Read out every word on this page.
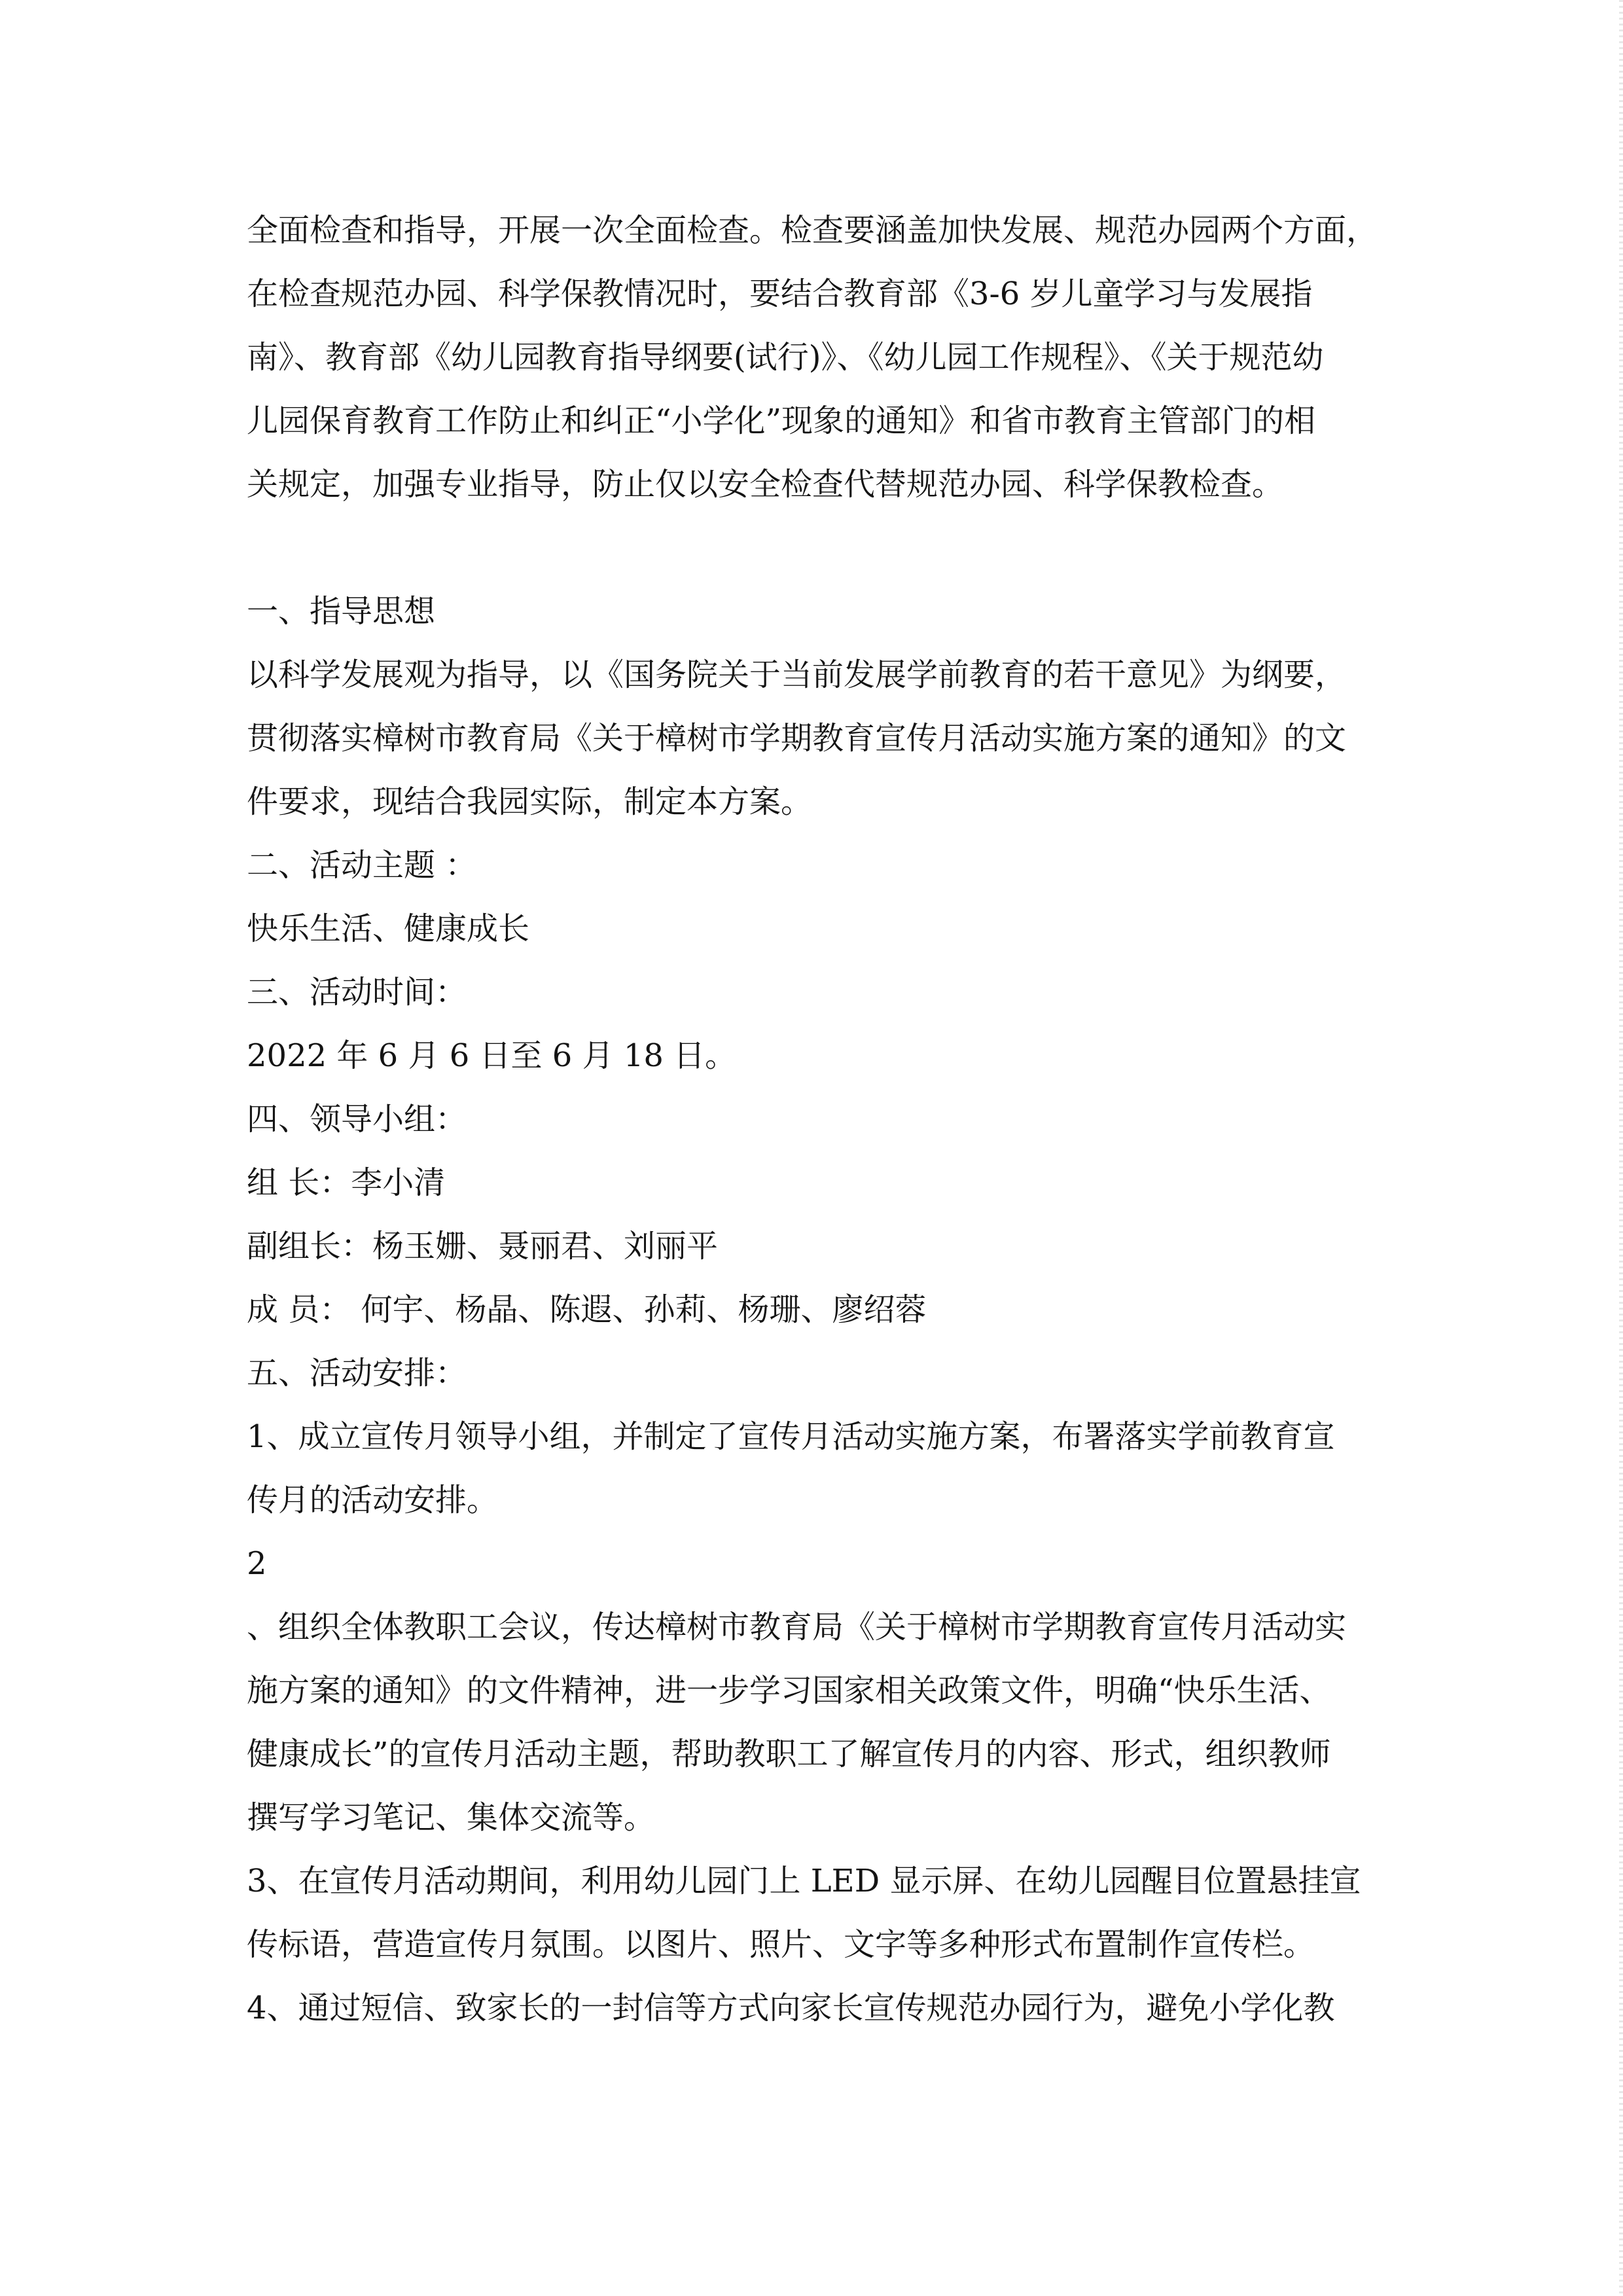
全面检查和指导，开展一次全面检查。检查要涵盖加快发展、规范办园两个方面，
在检查规范办园、科学保教情况时，要结合教育部《3-6 岁儿童学习与发展指
南》、教育部《幼儿园教育指导纲要(试行)》、《幼儿园工作规程》、《关于规范幼
儿园保育教育工作防止和纠正“小学化”现象的通知》和省市教育主管部门的相
关规定，加强专业指导，防止仅以安全检查代替规范办园、科学保教检查。
一、指导思想
以科学发展观为指导，以《国务院关于当前发展学前教育的若干意见》为纲要，
贯彻落实樟树市教育局《关于樟树市学期教育宣传月活动实施方案的通知》的文
件要求，现结合我园实际，制定本方案。
二、活动主题 ：
快乐生活、健康成长
三、活动时间：
2022 年 6 月 6 日至 6 月 18 日。
四、领导小组：
组 长：李小清
副组长：杨玉姗、聂丽君、刘丽平
成 员： 何宇、杨晶、陈遐、孙莉、杨珊、廖绍蓉
五、活动安排：
1、成立宣传月领导小组，并制定了宣传月活动实施方案，布署落实学前教育宣
传月的活动安排。
2
、组织全体教职工会议，传达樟树市教育局《关于樟树市学期教育宣传月活动实
施方案的通知》的文件精神，进一步学习国家相关政策文件，明确“快乐生活、
健康成长”的宣传月活动主题，帮助教职工了解宣传月的内容、形式，组织教师
撰写学习笔记、集体交流等。
3、在宣传月活动期间，利用幼儿园门上 LED 显示屏、在幼儿园醒目位置悬挂宣
传标语，营造宣传月氛围。以图片、照片、文字等多种形式布置制作宣传栏。
4、通过短信、致家长的一封信等方式向家长宣传规范办园行为，避免小学化教
